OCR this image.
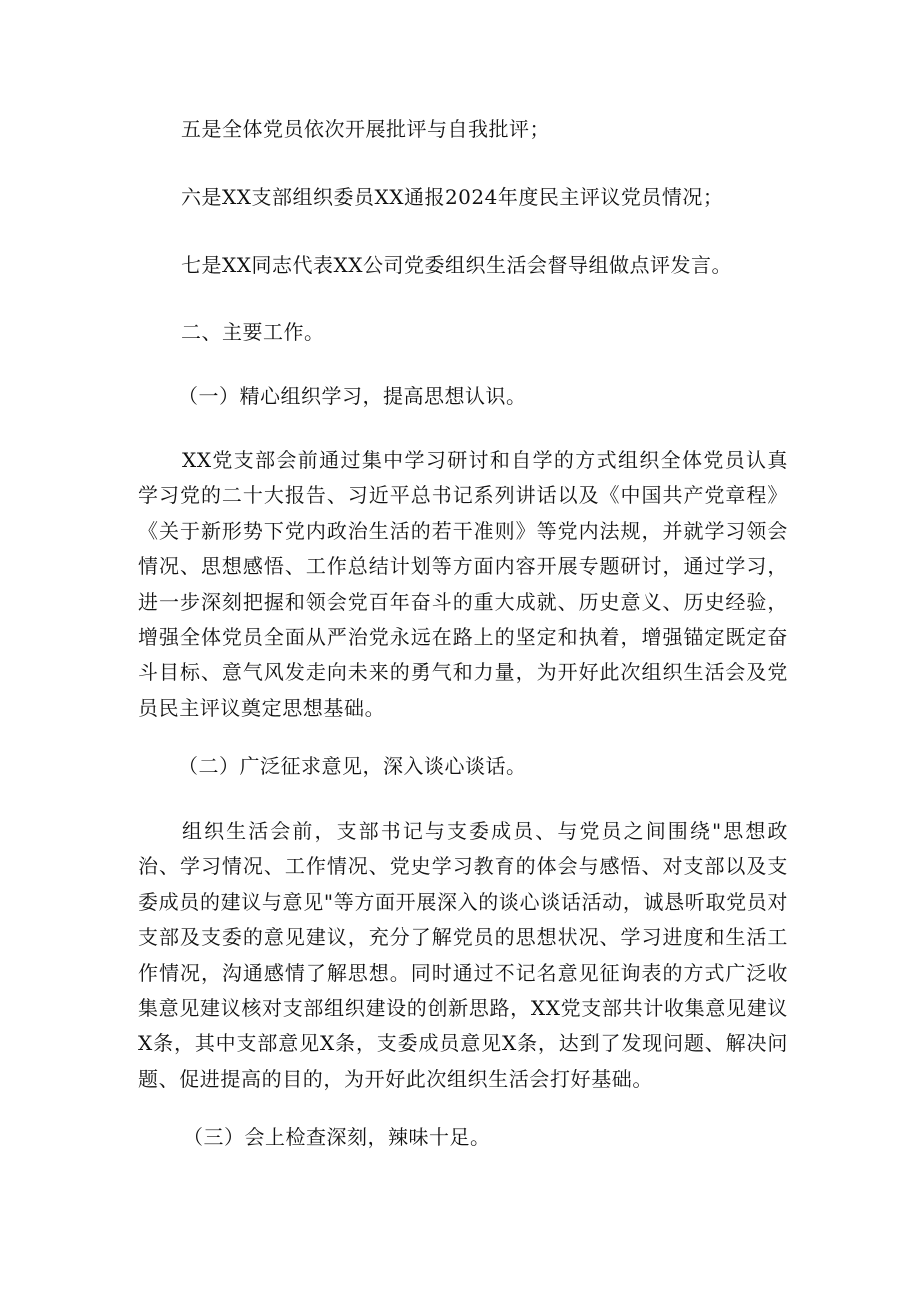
五是全体党员依次开展批评与自我批评；

六是XX支部组织委员XX通报2024年度民主评议党员情况；

七是XX同志代表XX公司党委组织生活会督导组做点评发言。

二、主要工作。

（一）精心组织学习，提高思想认识。

XX党支部会前通过集中学习研讨和自学的方式组织全体党员认真学习党的二十大报告、习近平总书记系列讲话以及《中国共产党章程》《关于新形势下党内政治生活的若干准则》等党内法规，并就学习领会情况、思想感悟、工作总结计划等方面内容开展专题研讨，通过学习，进一步深刻把握和领会党百年奋斗的重大成就、历史意义、历史经验，增强全体党员全面从严治党永远在路上的坚定和执着，增强锚定既定奋斗目标、意气风发走向未来的勇气和力量，为开好此次组织生活会及党员民主评议奠定思想基础。

（二）广泛征求意见，深入谈心谈话。

组织生活会前，支部书记与支委成员、与党员之间围绕"思想政治、学习情况、工作情况、党史学习教育的体会与感悟、对支部以及支委成员的建议与意见"等方面开展深入的谈心谈话活动，诚恳听取党员对支部及支委的意见建议，充分了解党员的思想状况、学习进度和生活工作情况，沟通感情了解思想。同时通过不记名意见征询表的方式广泛收集意见建议核对支部组织建设的创新思路，XX党支部共计收集意见建议X条，其中支部意见X条，支委成员意见X条，达到了发现问题、解决问题、促进提高的目的，为开好此次组织生活会打好基础。

（三）会上检查深刻，辣味十足。
